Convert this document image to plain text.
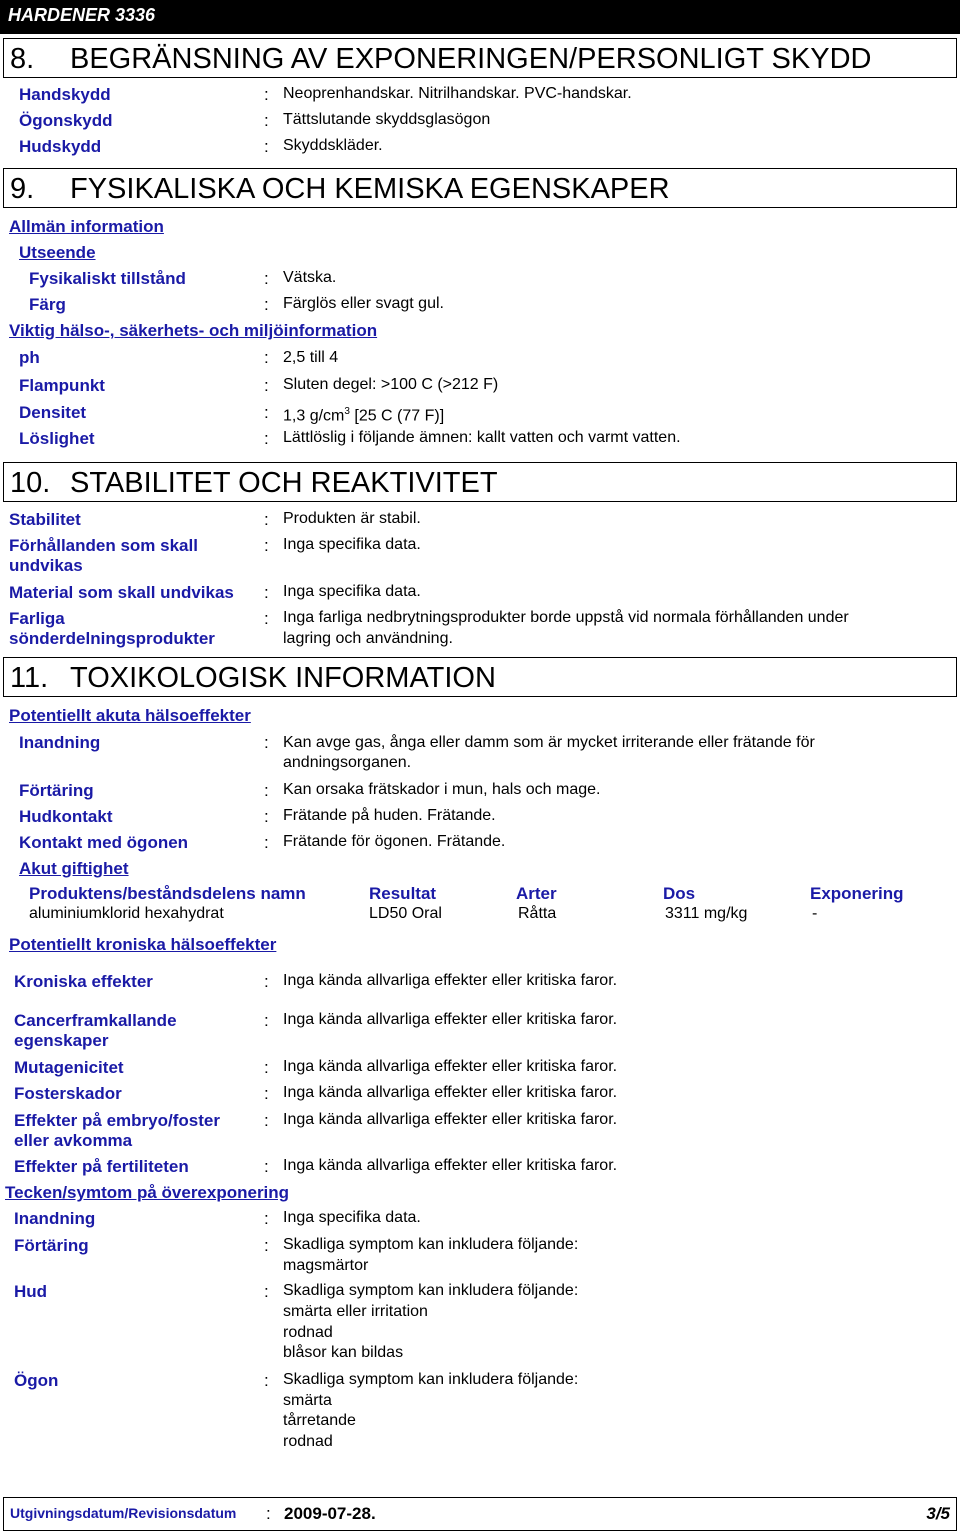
HARDENER 3336
8. BEGRÄNSNING AV EXPONERINGEN/PERSONLIGT SKYDD
Handskydd	: Neoprenhandskar. Nitrilhandskar. PVC-handskar.
Ögonskydd	: Tättslutande skyddsglasögon
Hudskydd	: Skyddskläder.
9. FYSIKALISKA OCH KEMISKA EGENSKAPER
Allmän information
Utseende
Fysikaliskt tillstånd	: Vätska.
Färg	: Färglös eller svagt gul.
Viktig hälso-, säkerhets- och miljöinformation
ph	: 2,5 till 4
Flampunkt	: Sluten degel: >100 C (>212 F)
Densitet	: 1,3 $g/cm^3$ [25 C (77 F)]
Löslighet	: Lättlöslig i följande ämnen: kallt vatten och varmt vatten.
10. STABILITET OCH REAKTIVITET
Stabilitet	: Produkten är stabil.
Förhållanden som skall
undvikas
: Inga specifika data.
Material som skall undvikas : Inga specifika data.
Farliga
sönderdelningsprodukter
: Inga farliga nedbrytningsprodukter borde uppstå vid normala förhållanden under
lagring och användning.
11. TOXIKOLOGISK INFORMATION
Potentiellt akuta hälsoeffekter
Inandning	: Kan avge gas, ånga eller damm som är mycket irriterande eller frätande för
andningsorganen.
Förtäring	: Kan orsaka frätskador i mun, hals och mage.
Hudkontakt	: Frätande på huden. Frätande.
Kontakt med ögonen	: Frätande för ögonen. Frätande.
Akut giftighet
Produktens/beståndsdelens namn	Resultat	Arter	Dos	Exponering
aluminiumklorid hexahydrat	LD50 Oral	Råtta	3311 mg/kg	-
Potentiellt kroniska hälsoeffekter
Kroniska effekter	: Inga kända allvarliga effekter eller kritiska faror.
Cancerframkallande
egenskaper
: Inga kända allvarliga effekter eller kritiska faror.
Mutagenicitet	: Inga kända allvarliga effekter eller kritiska faror.
Fosterskador	: Inga kända allvarliga effekter eller kritiska faror.
Effekter på embryo/foster
eller avkomma
: Inga kända allvarliga effekter eller kritiska faror.
Effekter på fertiliteten	: Inga kända allvarliga effekter eller kritiska faror.
Tecken/symtom på överexponering
Inandning	: Inga specifika data.
Förtäring	: Skadliga symptom kan inkludera följande:
magsmärtor
Hud	: Skadliga symptom kan inkludera följande:
smärta eller irritation
rodnad
blåsor kan bildas
Ögon	: Skadliga symptom kan inkludera följande:
smärta
tårretande
rodnad
Utgivningsdatum/Revisionsdatum : 2009-07-28.	3/5
